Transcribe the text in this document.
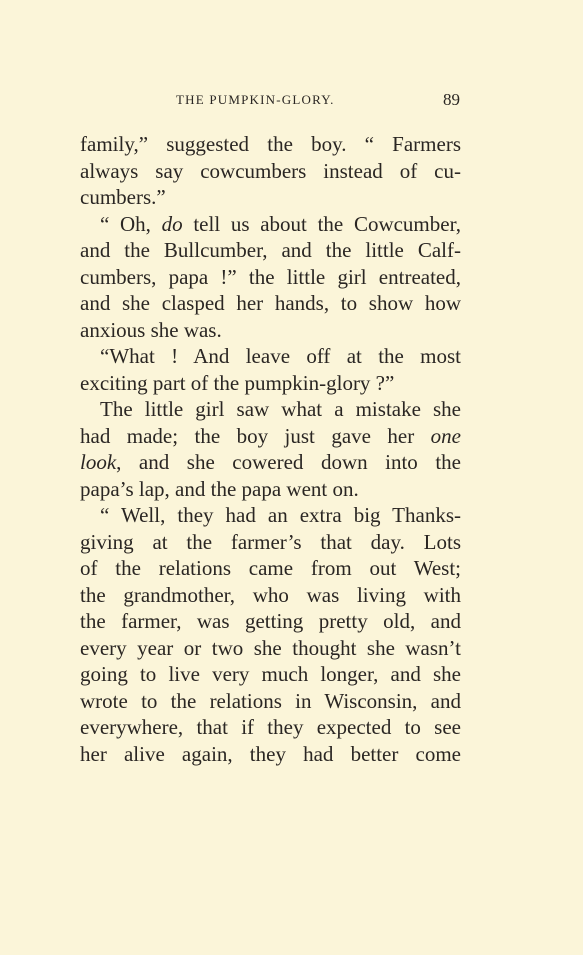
THE PUMPKIN-GLORY.	89
family,” suggested the boy. “ Farmers
always say cowcumbers instead of cu-
cumbers.”
“ Oh, do tell us about the Cowcumber,
and the Bullcumber, and the little Calf-
cumbers, papa !” the little girl entreated,
and she clasped her hands, to show how
anxious she was.
“What ! And leave off at the most
exciting part of the pumpkin-glory ?”
The little girl saw what a mistake she
had made; the boy just gave her one
look, and she cowered down into the
papa’s lap, and the papa went on.
“ Well, they had an extra big Thanks-
giving at the farmer’s that day. Lots
of the relations came from out West;
the grandmother, who was living with
the farmer, was getting pretty old, and
every year or two she thought she wasn’t
going to live very much longer, and she
wrote to the relations in Wisconsin, and
everywhere, that if they expected to see
her alive again, they had better come
